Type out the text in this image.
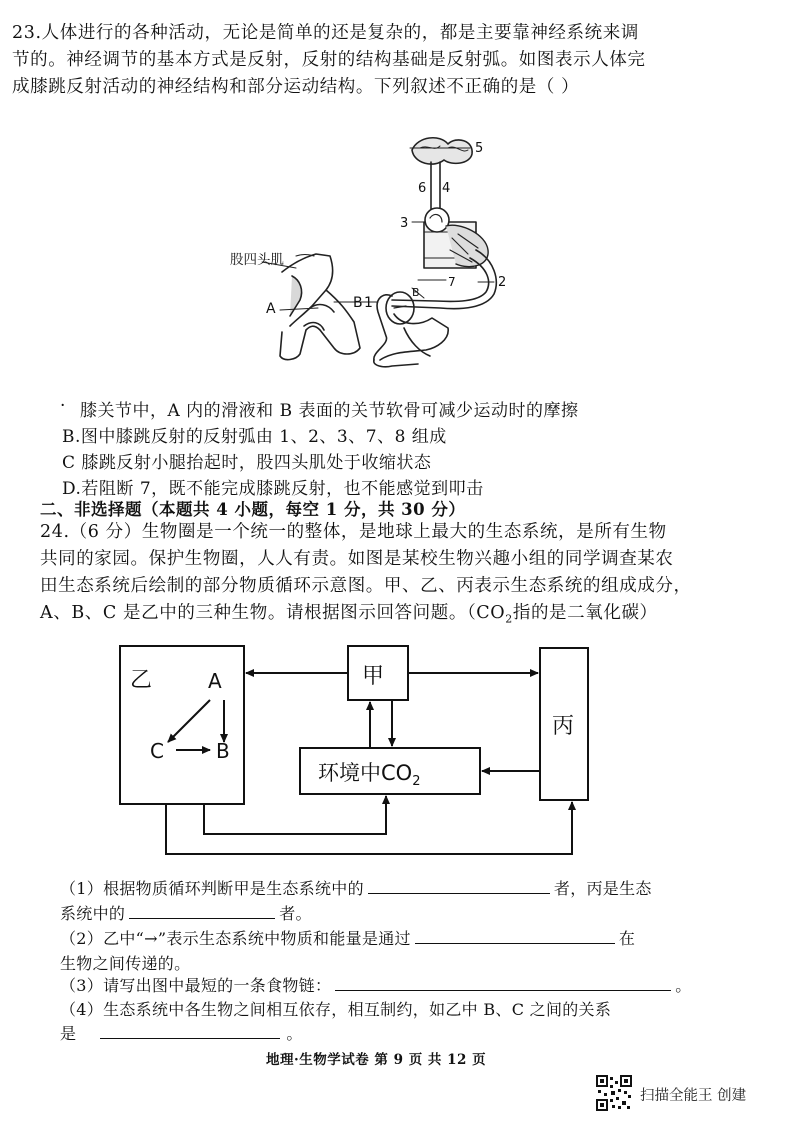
23.人体进行的各种活动，无论是简单的还是复杂的，都是主要靠神经系统来调
节的。神经调节的基本方式是反射，反射的结构基础是反射弧。如图表示人体完
成膝跳反射活动的神经结构和部分运动结构。下列叙述不正确的是（ ）
股四头肌
A	B 1
B
2
3
4
5
6
7
· 膝关节中，A 内的滑液和 B 表面的关节软骨可减少运动时的摩擦
B.图中膝跳反射的反射弧由 1、2、3、7、8 组成
C 膝跳反射小腿抬起时，股四头肌处于收缩状态
D.若阻断 7，既不能完成膝跳反射，也不能感觉到叩击
二、非选择题（本题共 4 小题，每空 1 分，共 30 分）
24.（6 分）生物圈是一个统一的整体，是地球上最大的生态系统，是所有生物
共同的家园。保护生物圈，人人有责。如图是某校生物兴趣小组的同学调查某农
田生态系统后绘制的部分物质循环示意图。甲、乙、丙表示生态系统的组成成分，
A、B、C 是乙中的三种生物。请根据图示回答问题。（$CO_2$指的是二氧化碳）
乙	A
C	B
甲
丙
环境中$CO_2$
（1）根据物质循环判断甲是生态系统中的	者，丙是生态
系统中的	者。
（2）乙中“→”表示生态系统中物质和能量是通过	在
生物之间传递的。
（3）请写出图中最短的一条食物链：	。
（4）生态系统中各生物之间相互依存，相互制约，如乙中 B、C 之间的关系
是	。
地理·生物学试卷 第 9 页 共 12 页
扫描全能王 创建
